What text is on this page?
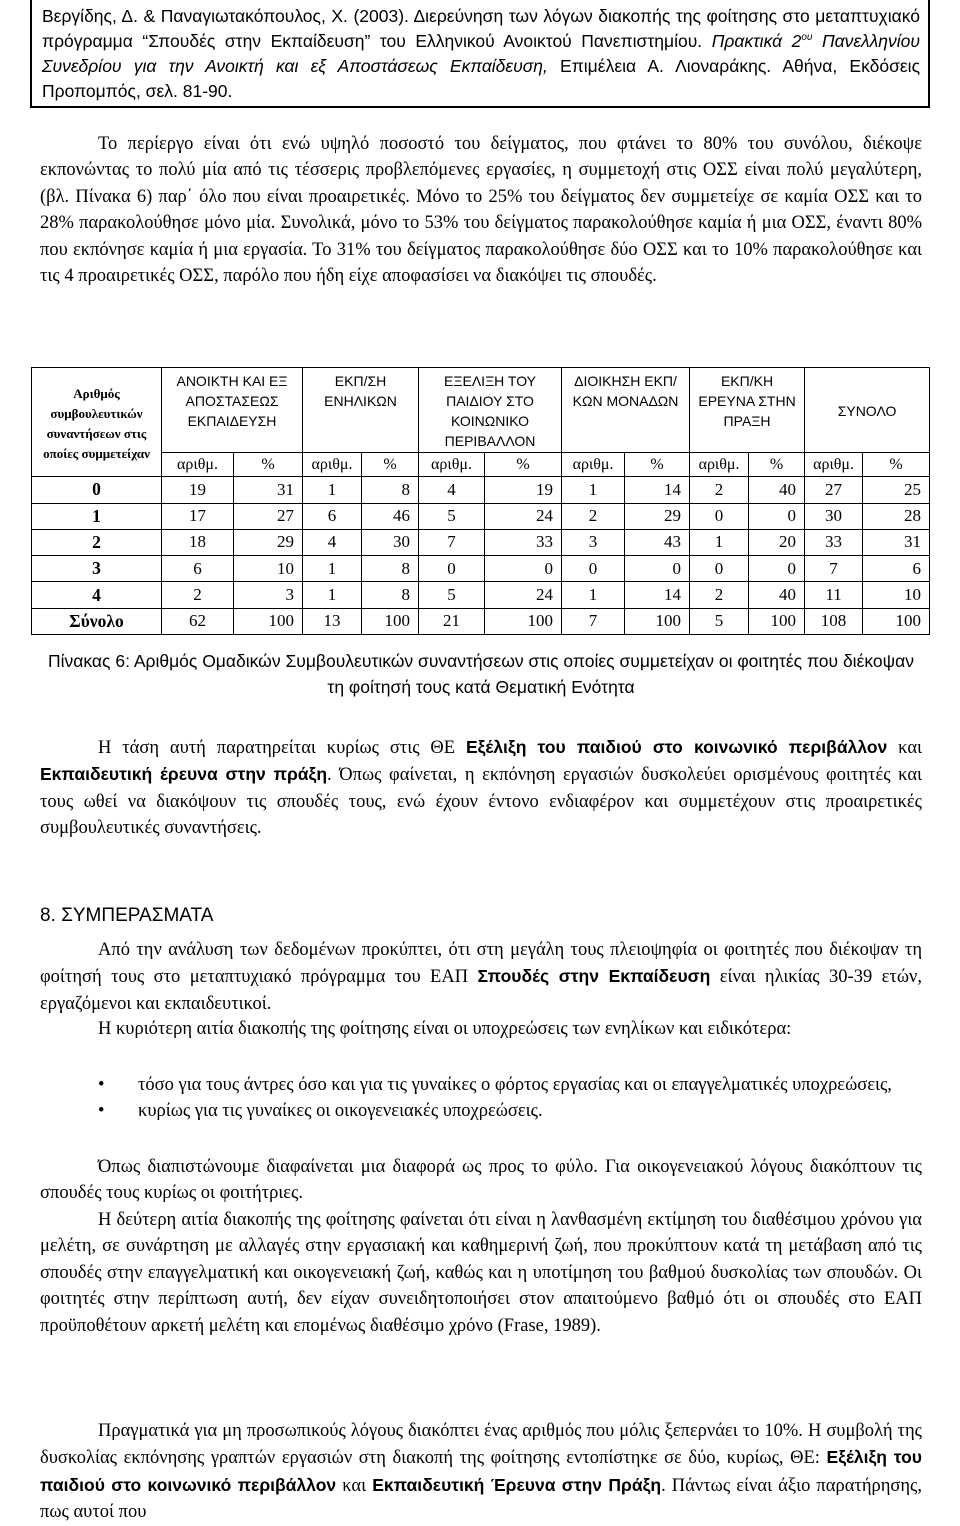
Βεργίδης, Δ. & Παναγιωτακόπουλος, Χ. (2003). Διερεύνηση των λόγων διακοπής της φοίτησης στο μεταπτυχιακό πρόγραμμα “Σπουδές στην Εκπαίδευση” του Ελληνικού Ανοικτού Πανεπιστημίου. Πρακτικά $2^{o\upsilon}$ Πανελληνίου Συνεδρίου για την Ανοικτή και εξ Αποστάσεως Εκπαίδευση, Επιμέλεια Α. Λιοναράκης. Αθήνα, Εκδόσεις Προπομπός, σελ. 81-90.

Το περίεργο είναι ότι ενώ υψηλό ποσοστό του δείγματος, που φτάνει το 80% του συνόλου, διέκοψε εκπονώντας το πολύ μία από τις τέσσερις προβλεπόμενες εργασίες, η συμμετοχή στις ΟΣΣ είναι πολύ μεγαλύτερη, (βλ. Πίνακα 6) παρ΄ όλο που είναι προαιρετικές. Μόνο το 25% του δείγματος δεν συμμετείχε σε καμία ΟΣΣ και το 28% παρακολούθησε μόνο μία. Συνολικά, μόνο το 53% του δείγματος παρακολούθησε καμία ή μια ΟΣΣ, έναντι 80% που εκπόνησε καμία ή μια εργασία. Το 31% του δείγματος παρακολούθησε δύο ΟΣΣ και το 10% παρακολούθησε και τις 4 προαιρετικές ΟΣΣ, παρόλο που ήδη είχε αποφασίσει να διακόψει τις σπουδές.

Αριθμός συμβουλευτικών συναντήσεων στις οποίες συμμετείχαν	ΑΝΟΙΚΤΗ ΚΑΙ ΕΞ ΑΠΟΣΤΑΣΕΩΣ ΕΚΠΑΙΔΕΥΣΗ		ΕΚΠ/ΣΗ ΕΝΗΛΙΚΩΝ		ΕΞΕΛΙΞΗ ΤΟΥ ΠΑΙΔΙΟΥ ΣΤΟ ΚΟΙΝΩΝΙΚΟ ΠΕΡΙΒΑΛΛΟΝ		ΔΙΟΙΚΗΣΗ ΕΚΠ/ΚΩΝ ΜΟΝΑΔΩΝ		ΕΚΠ/ΚΗ ΕΡΕΥΝΑ ΣΤΗΝ ΠΡΑΞΗ		ΣΥΝΟΛΟ	
	αριθμ.	%	αριθμ.	%	αριθμ.	%	αριθμ.	%	αριθμ.	%	αριθμ.	%
0	19	31	1	8	4	19	1	14	2	40	27	25
1	17	27	6	46	5	24	2	29	0	0	30	28
2	18	29	4	30	7	33	3	43	1	20	33	31
3	6	10	1	8	0	0	0	0	0	0	7	6
4	2	3	1	8	5	24	1	14	2	40	11	10
Σύνολο	62	100	13	100	21	100	7	100	5	100	108	100
Πίνακας 6: Αριθμός Ομαδικών Συμβουλευτικών συναντήσεων στις οποίες συμμετείχαν οι φοιτητές που διέκοψαν τη φοίτησή τους κατά Θεματική Ενότητα

Η τάση αυτή παρατηρείται κυρίως στις ΘΕ Εξέλιξη του παιδιού στο κοινωνικό περιβάλλον και Εκπαιδευτική έρευνα στην πράξη. Όπως φαίνεται, η εκπόνηση εργασιών δυσκολεύει ορισμένους φοιτητές και τους ωθεί να διακόψουν τις σπουδές τους, ενώ έχουν έντονο ενδιαφέρον και συμμετέχουν στις προαιρετικές συμβουλευτικές συναντήσεις.

8. ΣΥΜΠΕΡΑΣΜΑΤΑ

Από την ανάλυση των δεδομένων προκύπτει, ότι στη μεγάλη τους πλειοψηφία οι φοιτητές που διέκοψαν τη φοίτησή τους στο μεταπτυχιακό πρόγραμμα του ΕΑΠ Σπουδές στην Εκπαίδευση είναι ηλικίας 30-39 ετών, εργαζόμενοι και εκπαιδευτικοί.

Η κυριότερη αιτία διακοπής της φοίτησης είναι οι υποχρεώσεις των ενηλίκων και ειδικότερα:

• τόσο για τους άντρες όσο και για τις γυναίκες ο φόρτος εργασίας και οι επαγγελματικές υποχρεώσεις,
• κυρίως για τις γυναίκες οι οικογενειακές υποχρεώσεις.

Όπως διαπιστώνουμε διαφαίνεται μια διαφορά ως προς το φύλο. Για οικογενειακού λόγους διακόπτουν τις σπουδές τους κυρίως οι φοιτήτριες.

Η δεύτερη αιτία διακοπής της φοίτησης φαίνεται ότι είναι η λανθασμένη εκτίμηση του διαθέσιμου χρόνου για μελέτη, σε συνάρτηση με αλλαγές στην εργασιακή και καθημερινή ζωή, που προκύπτουν κατά τη μετάβαση από τις σπουδές στην επαγγελματική και οικογενειακή ζωή, καθώς και η υποτίμηση του βαθμού δυσκολίας των σπουδών. Οι φοιτητές στην περίπτωση αυτή, δεν είχαν συνειδητοποιήσει στον απαιτούμενο βαθμό ότι οι σπουδές στο ΕΑΠ προϋποθέτουν αρκετή μελέτη και επομένως διαθέσιμο χρόνο (Frase, 1989).

Πραγματικά για μη προσωπικούς λόγους διακόπτει ένας αριθμός που μόλις ξεπερνάει το 10%. Η συμβολή της δυσκολίας εκπόνησης γραπτών εργασιών στη διακοπή της φοίτησης εντοπίστηκε σε δύο, κυρίως, ΘΕ: Εξέλιξη του παιδιού στο κοινωνικό περιβάλλον και Εκπαιδευτική Έρευνα στην Πράξη. Πάντως είναι άξιο παρατήρησης, πως αυτοί που
